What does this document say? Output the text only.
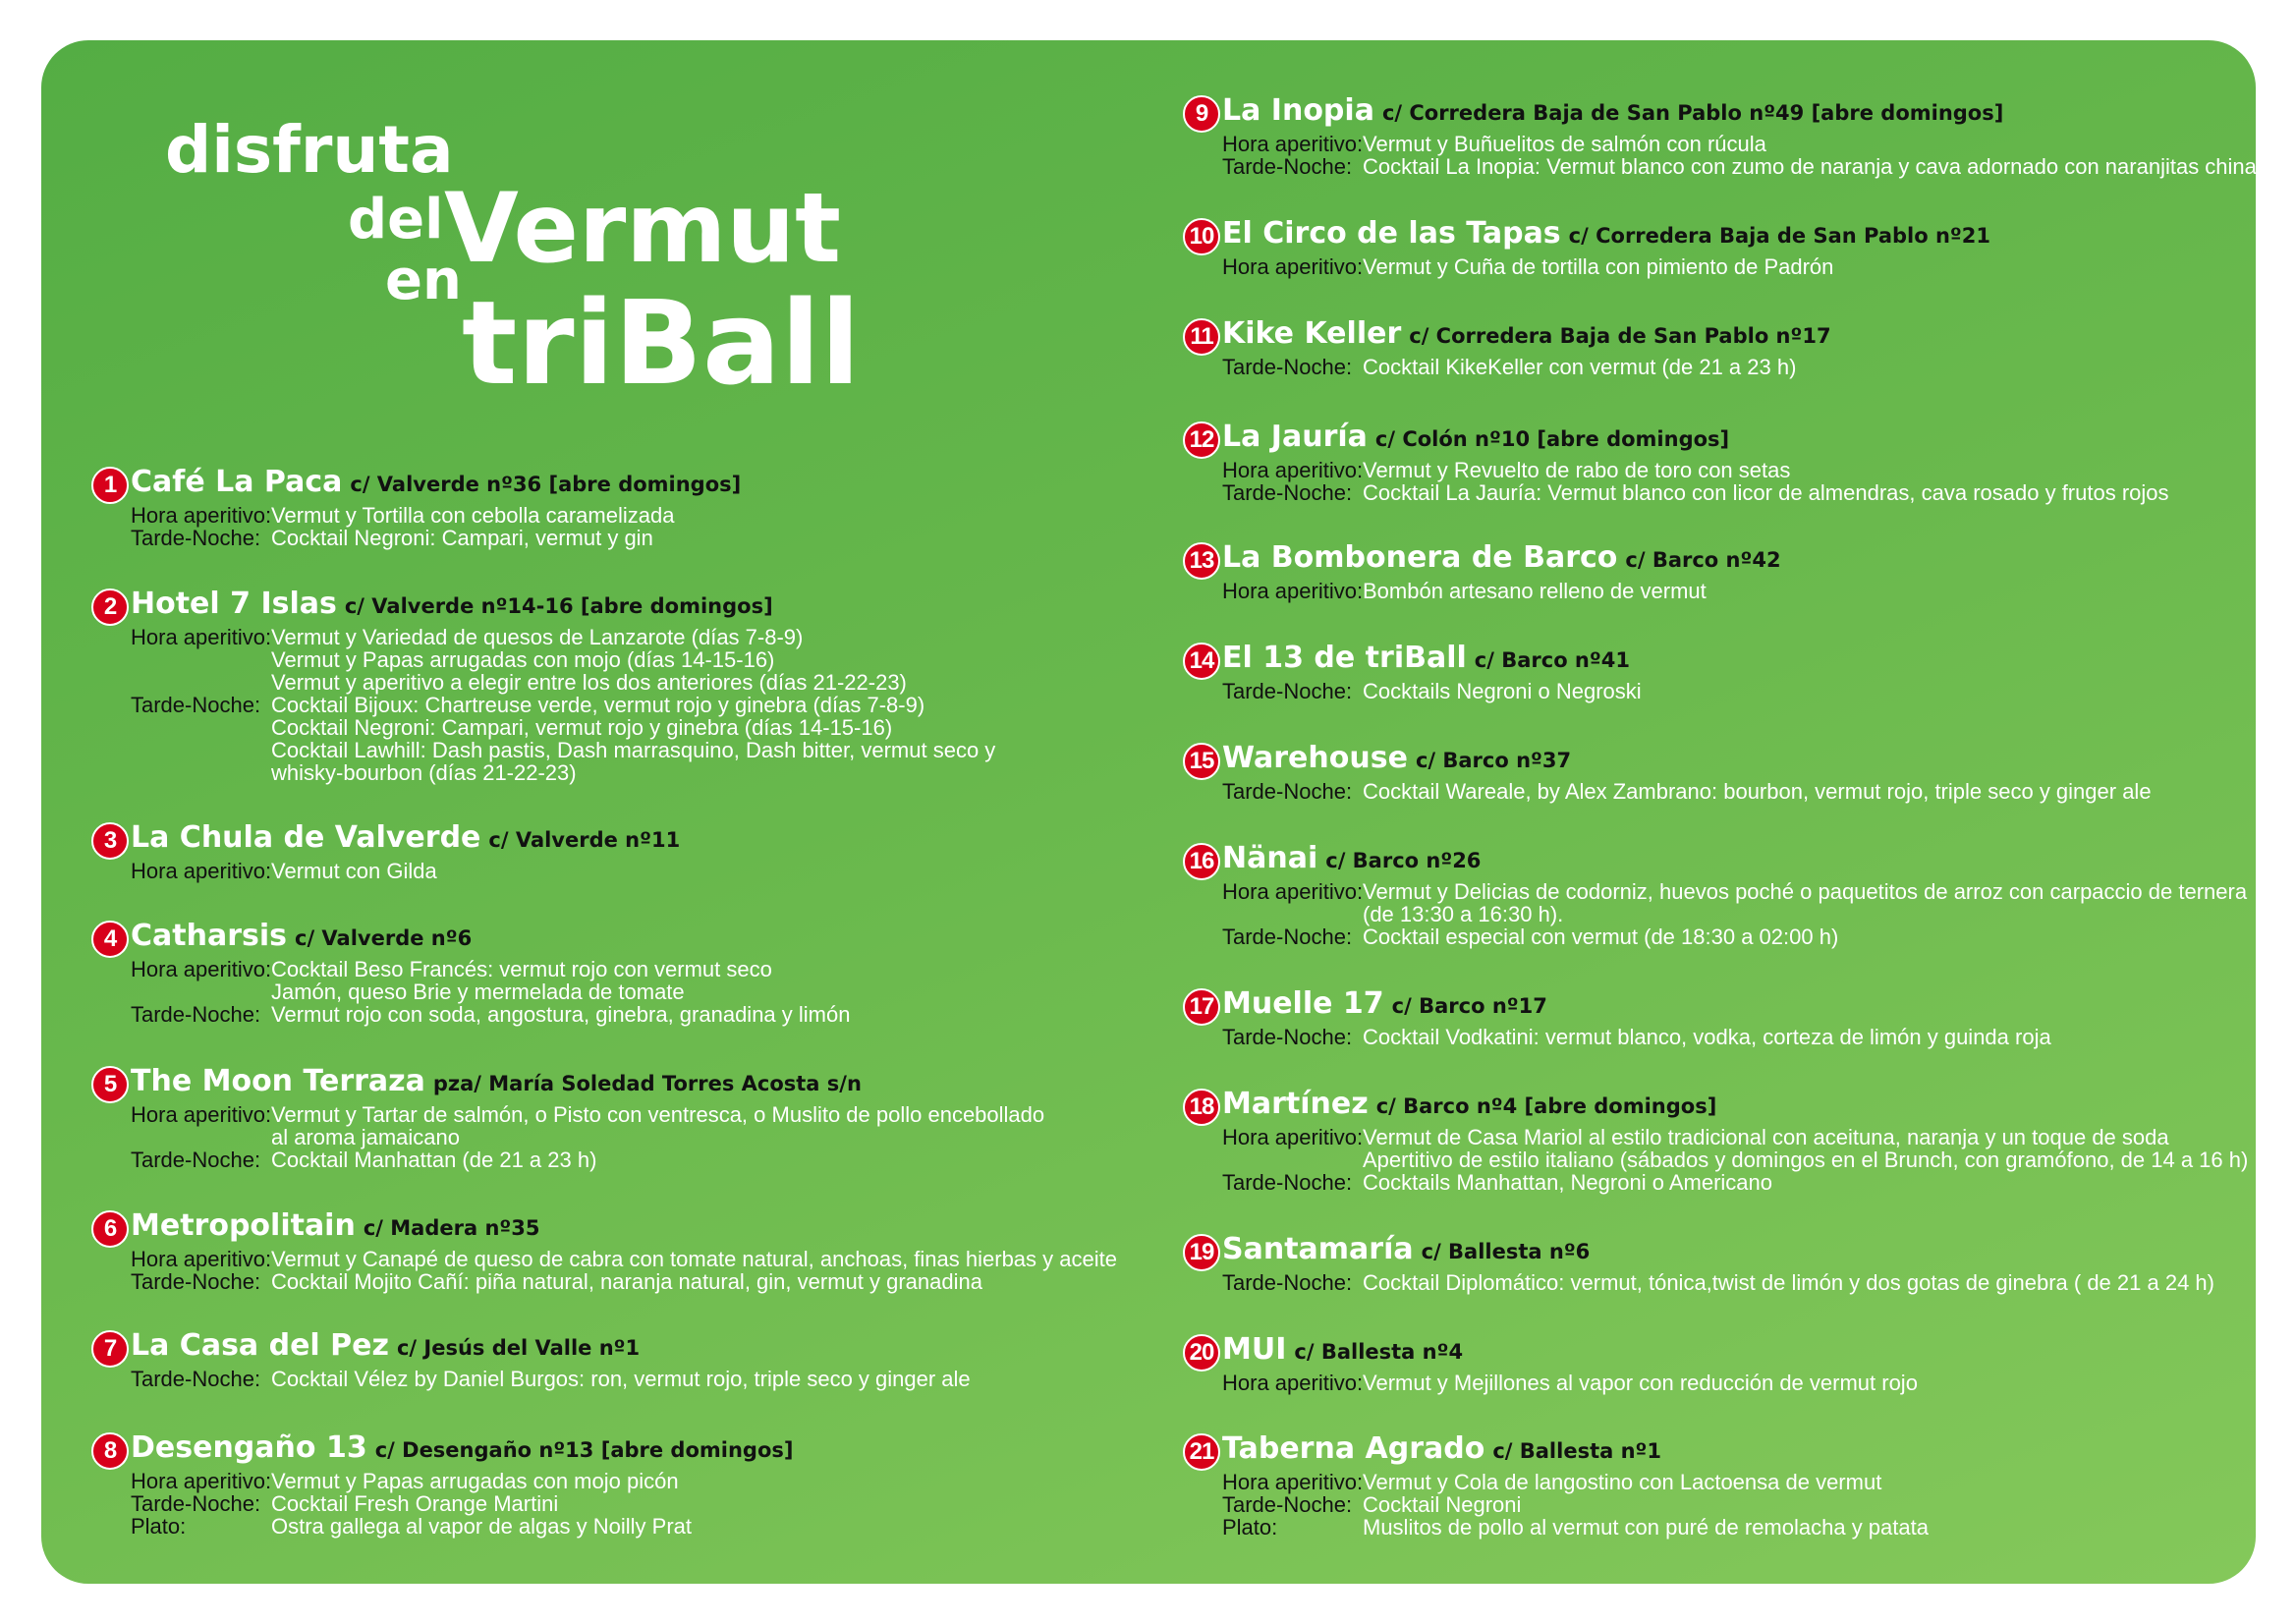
disfruta
del Vermut
en triBall
1 Café La Paca c/ Valverde nº36 [abre domingos]
Hora aperitivo: Vermut y Tortilla con cebolla caramelizada
Tarde-Noche: Cocktail Negroni: Campari, vermut y gin
2 Hotel 7 Islas c/ Valverde nº14-16 [abre domingos]
Hora aperitivo: Vermut y Variedad de quesos de Lanzarote (días 7-8-9)
Vermut y Papas arrugadas con mojo (días 14-15-16)
Vermut y aperitivo a elegir entre los dos anteriores (días 21-22-23)
Tarde-Noche: Cocktail Bijoux: Chartreuse verde, vermut rojo y ginebra (días 7-8-9)
Cocktail Negroni: Campari, vermut rojo y ginebra (días 14-15-16)
Cocktail Lawhill: Dash pastis, Dash marrasquino, Dash bitter, vermut seco y
whisky-bourbon (días 21-22-23)
3 La Chula de Valverde c/ Valverde nº11
Hora aperitivo: Vermut con Gilda
4 Catharsis c/ Valverde nº6
Hora aperitivo: Cocktail Beso Francés: vermut rojo con vermut seco
Jamón, queso Brie y mermelada de tomate
Tarde-Noche: Vermut rojo con soda, angostura, ginebra, granadina y limón
5 The Moon Terraza pza/ María Soledad Torres Acosta s/n
Hora aperitivo: Vermut y Tartar de salmón, o Pisto con ventresca, o Muslito de pollo encebollado
al aroma jamaicano
Tarde-Noche: Cocktail Manhattan (de 21 a 23 h)
6 Metropolitain c/ Madera nº35
Hora aperitivo: Vermut y Canapé de queso de cabra con tomate natural, anchoas, finas hierbas y aceite
Tarde-Noche: Cocktail Mojito Cañí: piña natural, naranja natural, gin, vermut y granadina
7 La Casa del Pez c/ Jesús del Valle nº1
Tarde-Noche: Cocktail Vélez by Daniel Burgos: ron, vermut rojo, triple seco y ginger ale
8 Desengaño 13 c/ Desengaño nº13 [abre domingos]
Hora aperitivo: Vermut y Papas arrugadas con mojo picón
Tarde-Noche: Cocktail Fresh Orange Martini
Plato:	Ostra gallega al vapor de algas y Noilly Prat
9 La Inopia c/ Corredera Baja de San Pablo nº49 [abre domingos]
Hora aperitivo: Vermut y Buñuelitos de salmón con rúcula
Tarde-Noche: Cocktail La Inopia: Vermut blanco con zumo de naranja y cava adornado con naranjitas chinas
10 El Circo de las Tapas c/ Corredera Baja de San Pablo nº21
Hora aperitivo: Vermut y Cuña de tortilla con pimiento de Padrón
11 Kike Keller c/ Corredera Baja de San Pablo nº17
Tarde-Noche: Cocktail KikeKeller con vermut (de 21 a 23 h)
12 La Jauría c/ Colón nº10 [abre domingos]
Hora aperitivo: Vermut y Revuelto de rabo de toro con setas
Tarde-Noche: Cocktail La Jauría: Vermut blanco con licor de almendras, cava rosado y frutos rojos
13 La Bombonera de Barco c/ Barco nº42
Hora aperitivo: Bombón artesano relleno de vermut
14 El 13 de triBall c/ Barco nº41
Tarde-Noche: Cocktails Negroni o Negroski
15 Warehouse c/ Barco nº37
Tarde-Noche: Cocktail Wareale, by Alex Zambrano: bourbon, vermut rojo, triple seco y ginger ale
16 Nänai c/ Barco nº26
Hora aperitivo: Vermut y Delicias de codorniz, huevos poché o paquetitos de arroz con carpaccio de ternera
(de 13:30 a 16:30 h).
Tarde-Noche: Cocktail especial con vermut (de 18:30 a 02:00 h)
17 Muelle 17 c/ Barco nº17
Tarde-Noche: Cocktail Vodkatini: vermut blanco, vodka, corteza de limón y guinda roja
18 Martínez c/ Barco nº4 [abre domingos]
Hora aperitivo: Vermut de Casa Mariol al estilo tradicional con aceituna, naranja y un toque de soda
Apertitivo de estilo italiano (sábados y domingos en el Brunch, con gramófono, de 14 a 16 h)
Tarde-Noche: Cocktails Manhattan, Negroni o Americano
19 Santamaría c/ Ballesta nº6
Tarde-Noche: Cocktail Diplomático: vermut, tónica,twist de limón y dos gotas de ginebra ( de 21 a 24 h)
20 MUI c/ Ballesta nº4
Hora aperitivo: Vermut y Mejillones al vapor con reducción de vermut rojo
21 Taberna Agrado c/ Ballesta nº1
Hora aperitivo: Vermut y Cola de langostino con Lactoensa de vermut
Tarde-Noche: Cocktail Negroni
Plato:	Muslitos de pollo al vermut con puré de remolacha y patata
